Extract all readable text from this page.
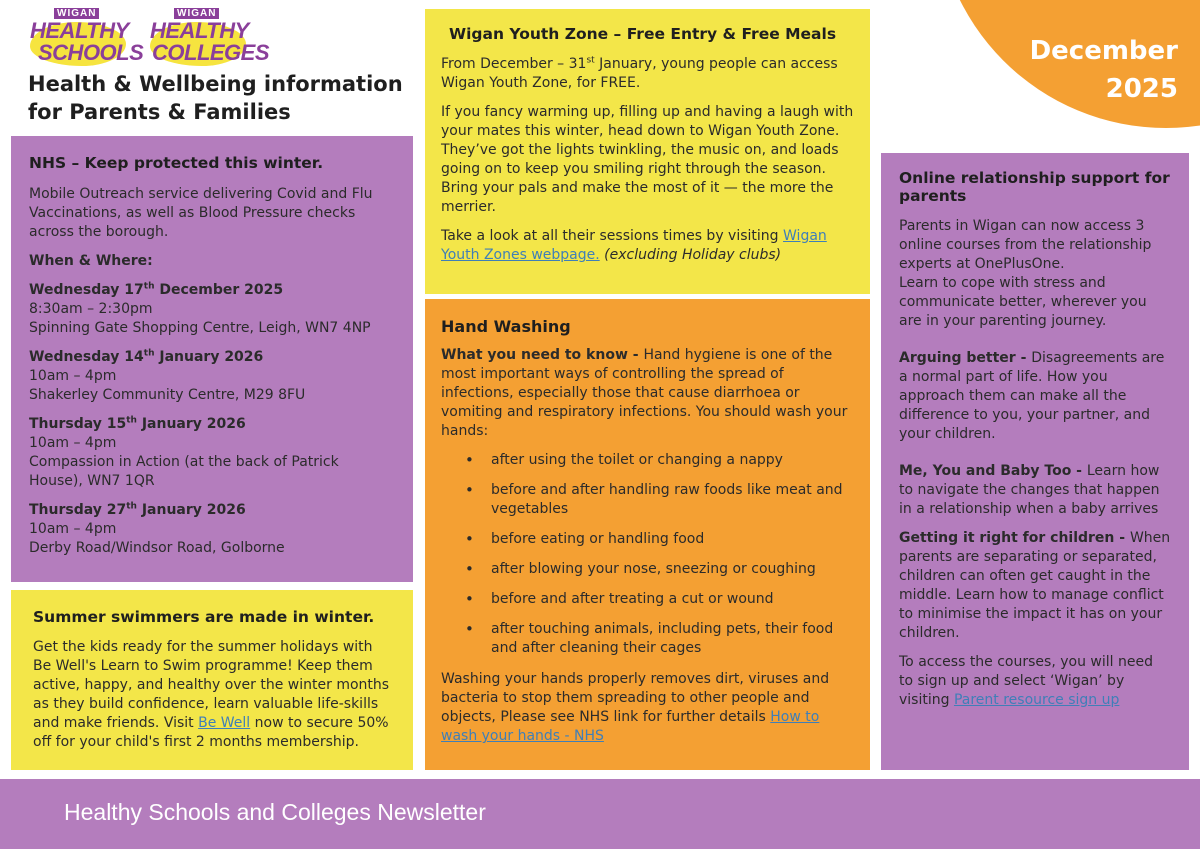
December
2025
WIGAN
HEALTHY
SCHOOLS
WIGAN
HEALTHY
COLLEGES
Health & Wellbeing information
for Parents & Families
NHS – Keep protected this winter.

Mobile Outreach service delivering Covid and Flu Vaccinations, as well as Blood Pressure checks across the borough.

When & Where:

Wednesday 17th December 2025
8:30am – 2:30pm
Spinning Gate Shopping Centre, Leigh, WN7 4NP
Wednesday 14th January 2026
10am – 4pm
Shakerley Community Centre, M29 8FU
Thursday 15th January 2026
10am – 4pm
Compassion in Action (at the back of Patrick House), WN7 1QR
Thursday 27th January 2026
10am – 4pm
Derby Road/Windsor Road, Golborne
Summer swimmers are made in winter.

Get the kids ready for the summer holidays with Be Well's Learn to Swim programme! Keep them active, happy, and healthy over the winter months as they build confidence, learn valuable life-skills and make friends. Visit Be Well now to secure 50% off for your child's first 2 months membership.

Wigan Youth Zone – Free Entry & Free Meals

From December – 31st January, young people can access Wigan Youth Zone, for FREE.

If you fancy warming up, filling up and having a laugh with your mates this winter, head down to Wigan Youth Zone. They’ve got the lights twinkling, the music on, and loads going on to keep you smiling right through the season. Bring your pals and make the most of it — the more the merrier.

Take a look at all their sessions times by visiting Wigan Youth Zones webpage. (excluding Holiday clubs)

Hand Washing

What you need to know - Hand hygiene is one of the most important ways of controlling the spread of infections, especially those that cause diarrhoea or vomiting and respiratory infections. You should wash your hands:

• after using the toilet or changing a nappy
• before and after handling raw foods like meat and vegetables
• before eating or handling food
• after blowing your nose, sneezing or coughing
• before and after treating a cut or wound
• after touching animals, including pets, their food and after cleaning their cages

Washing your hands properly removes dirt, viruses and bacteria to stop them spreading to other people and objects, Please see NHS link for further details How to wash your hands - NHS

Online relationship support for parents

Parents in Wigan can now access 3 online courses from the relationship experts at OnePlusOne.
Learn to cope with stress and communicate better, wherever you are in your parenting journey.

Arguing better - Disagreements are a normal part of life. How you approach them can make all the difference to you, your partner, and your children.

Me, You and Baby Too - Learn how to navigate the changes that happen in a relationship when a baby arrives

Getting it right for children - When parents are separating or separated, children can often get caught in the middle. Learn how to manage conflict to minimise the impact it has on your children.

To access the courses, you will need to sign up and select ‘Wigan’ by visiting Parent resource sign up

Healthy Schools and Colleges Newsletter
